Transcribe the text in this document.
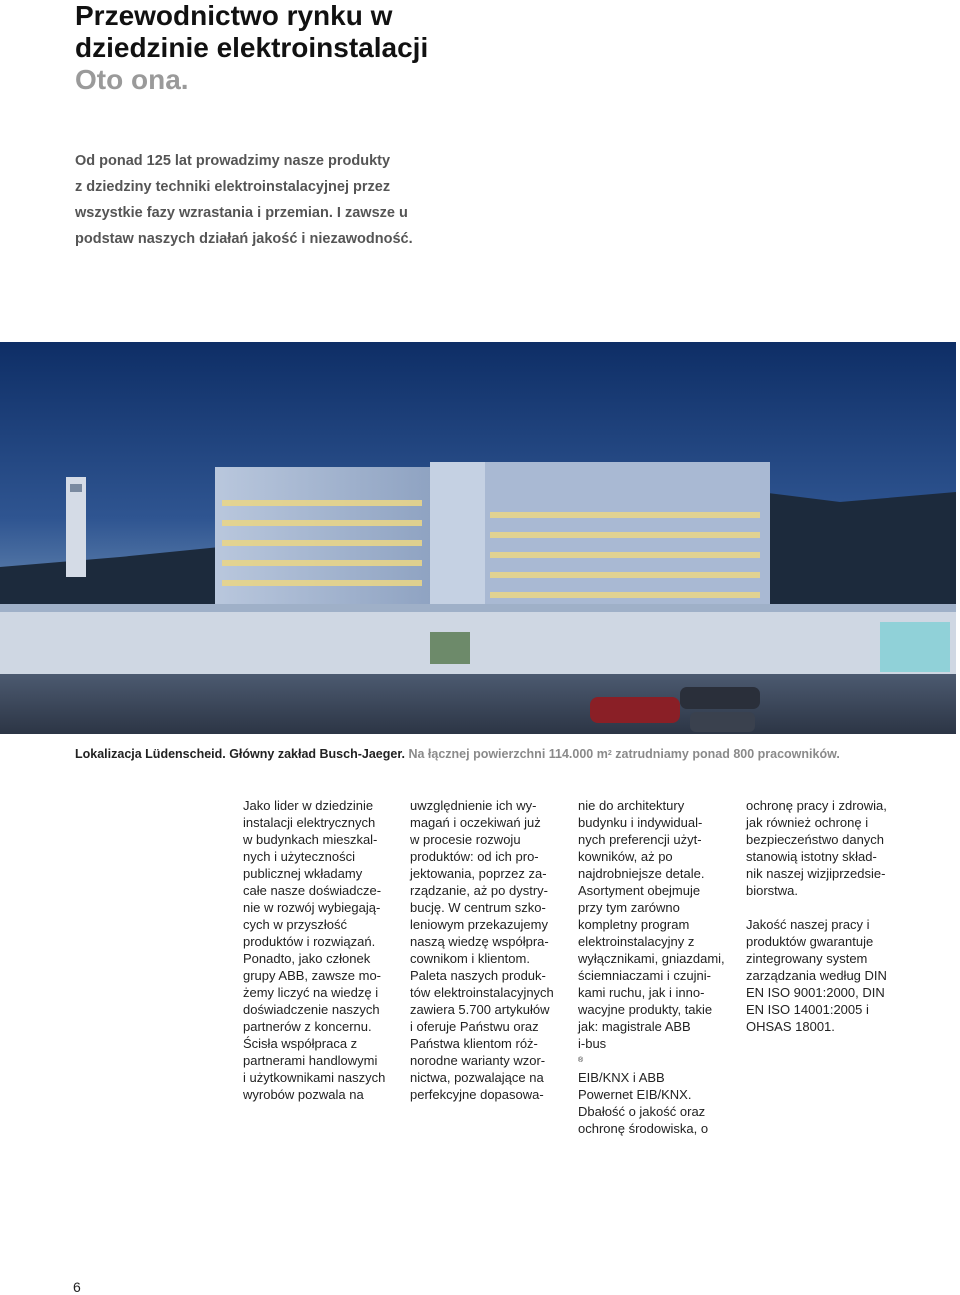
Przewodnictwo rynku w
dziedzinie elektroinstalacji
Oto ona.
Od ponad 125 lat prowadzimy nasze produkty
z dziedziny techniki elektroinstalacyjnej przez
wszystkie fazy wzrastania i przemian. I zawsze u
podstaw naszych działań jakość i niezawodność.
Lokalizacja Lüdenscheid. Główny zakład Busch-Jaeger. Na łącznej powierzchni 114.000 $m^2$ zatrudniamy ponad 800 pracowników.
Jako lider w dziedzinie
instalacji elektrycznych
w budynkach mieszkal-
nych i użyteczności
publicznej wkładamy
całe nasze doświadcze-
nie w rozwój wybiegają-
cych w przyszłość
produktów i rozwiązań.
Ponadto, jako członek
grupy ABB, zawsze mo-
żemy liczyć na wiedzę i
doświadczenie naszych
partnerów z koncernu.
Ścisła współpraca z
partnerami handlowymi
i użytkownikami naszych
wyrobów pozwala na
uwzględnienie ich wy-
magań i oczekiwań już
w procesie rozwoju
produktów: od ich pro-
jektowania, poprzez za-
rządzanie, aż po dystry-
bucję. W centrum szko-
leniowym przekazujemy
naszą wiedzę współpra-
cownikom i klientom.
Paleta naszych produk-
tów elektroinstalacyjnych
zawiera 5.700 artykułów
i oferuje Państwu oraz
Państwa klientom róż-
norodne warianty wzor-
nictwa, pozwalające na
perfekcyjne dopasowa-
nie do architektury
budynku i indywidual-
nych preferencji użyt-
kowników, aż po
najdrobniejsze detale.
Asortyment obejmuje
przy tym zarówno
kompletny program
elektroinstalacyjny z
wyłącznikami, gniazdami,
ściemniaczami i czujni-
kami ruchu, jak i inno-
wacyjne produkty, takie
jak: magistrale ABB
i-bus
®
EIB/KNX i ABB
Powernet EIB/KNX.
Dbałość o jakość oraz
ochronę środowiska, o
ochronę pracy i zdrowia,
jak również ochronę i
bezpieczeństwo danych
stanowią istotny skład-
nik naszej wizjiprzedsie-
biorstwa.
Jakość naszej pracy i
produktów gwarantuje
zintegrowany system
zarządzania według DIN
EN ISO 9001:2000, DIN
EN ISO 14001:2005 i
OHSAS 18001.
6
